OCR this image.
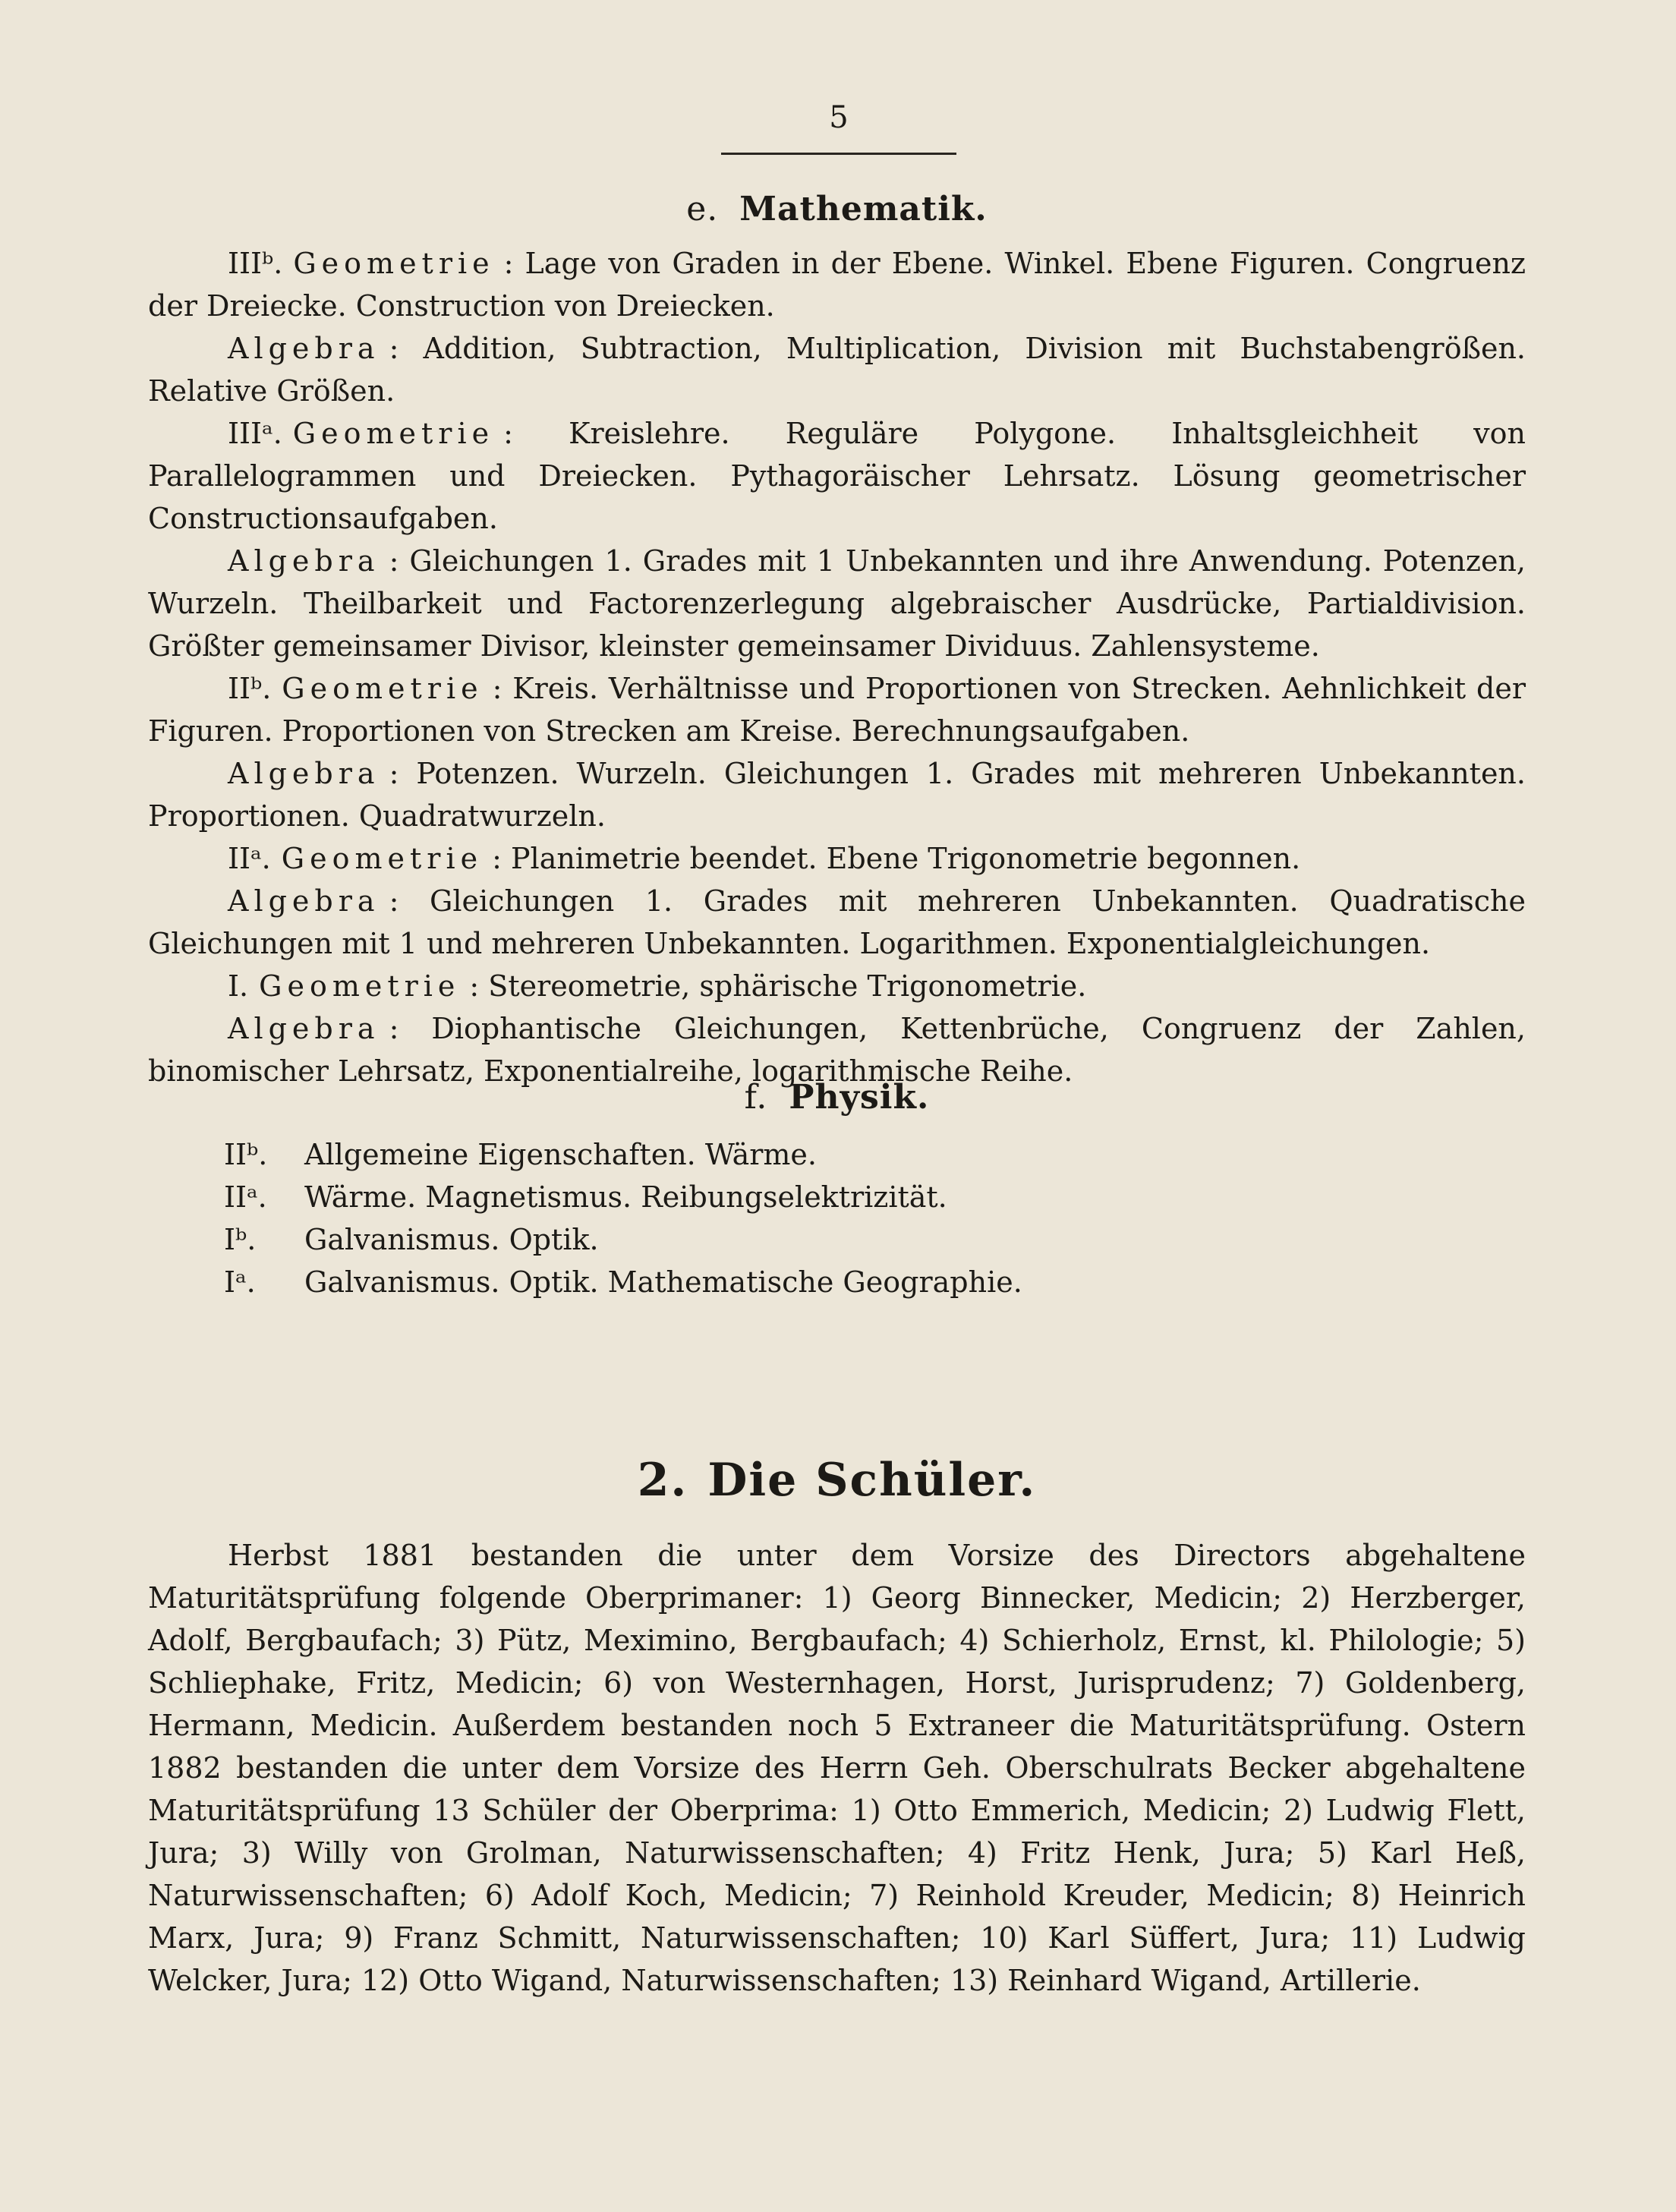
5
e. Mathematik.

IIIᵇ. Geometrie : Lage von Graden in der Ebene. Winkel. Ebene Figuren. Congruenz der Dreiecke. Construction von Dreiecken.

Algebra : Addition, Subtraction, Multiplication, Division mit Buchstabengrößen. Relative Größen.

IIIᵃ. Geometrie : Kreislehre. Reguläre Polygone. Inhaltsgleichheit von Parallelogrammen und Dreiecken. Pythagoräischer Lehrsatz. Lösung geometrischer Constructionsaufgaben.

Algebra : Gleichungen 1. Grades mit 1 Unbekannten und ihre Anwendung. Potenzen, Wurzeln. Theilbarkeit und Factorenzerlegung algebraischer Ausdrücke, Partialdivision. Größter gemeinsamer Divisor, kleinster gemeinsamer Dividuus. Zahlensysteme.

IIᵇ. Geometrie : Kreis. Verhältnisse und Proportionen von Strecken. Aehnlichkeit der Figuren. Proportionen von Strecken am Kreise. Berechnungsaufgaben.

Algebra : Potenzen. Wurzeln. Gleichungen 1. Grades mit mehreren Unbekannten. Proportionen. Quadratwurzeln.

IIᵃ. Geometrie : Planimetrie beendet. Ebene Trigonometrie begonnen.

Algebra : Gleichungen 1. Grades mit mehreren Unbekannten. Quadratische Gleichungen mit 1 und mehreren Unbekannten. Logarithmen. Exponentialgleichungen.

I. Geometrie : Stereometrie, sphärische Trigonometrie.

Algebra : Diophantische Gleichungen, Kettenbrüche, Congruenz der Zahlen, binomischer Lehrsatz, Exponentialreihe, logarithmische Reihe.

f. Physik.

IIᵇ. Allgemeine Eigenschaften. Wärme.

IIᵃ. Wärme. Magnetismus. Reibungselektrizität.

Iᵇ. Galvanismus. Optik.

Iᵃ. Galvanismus. Optik. Mathematische Geographie.

2. Die Schüler.

Herbst 1881 bestanden die unter dem Vorsize des Directors abgehaltene Maturitätsprüfung folgende Oberprimaner: 1) Georg Binnecker, Medicin; 2) Herzberger, Adolf, Bergbaufach; 3) Pütz, Meximino, Bergbaufach; 4) Schierholz, Ernst, kl. Philologie; 5) Schliephake, Fritz, Medicin; 6) von Westernhagen, Horst, Jurisprudenz; 7) Goldenberg, Hermann, Medicin. Außerdem bestanden noch 5 Extraneer die Maturitätsprüfung. Ostern 1882 bestanden die unter dem Vorsize des Herrn Geh. Oberschulrats Becker abgehaltene Maturitätsprüfung 13 Schüler der Oberprima: 1) Otto Emmerich, Medicin; 2) Ludwig Flett, Jura; 3) Willy von Grolman, Naturwissenschaften; 4) Fritz Henk, Jura; 5) Karl Heß, Naturwissenschaften; 6) Adolf Koch, Medicin; 7) Reinhold Kreuder, Medicin; 8) Heinrich Marx, Jura; 9) Franz Schmitt, Naturwissenschaften; 10) Karl Süffert, Jura; 11) Ludwig Welcker, Jura; 12) Otto Wigand, Naturwissenschaften; 13) Reinhard Wigand, Artillerie.
